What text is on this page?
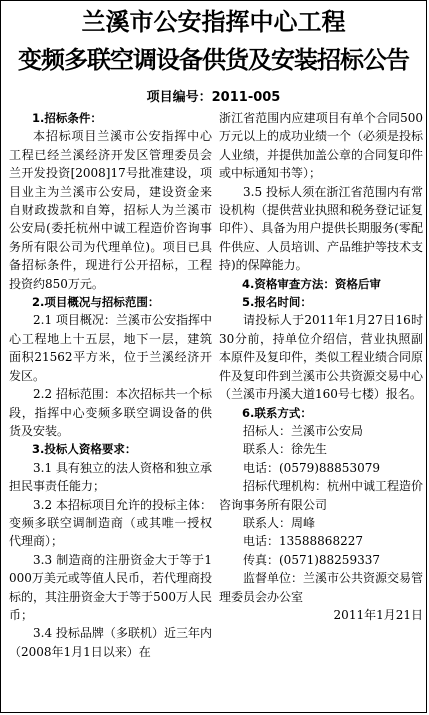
兰溪市公安指挥中心工程
变频多联空调设备供货及安装招标公告
项目编号：2011-005

1.招标条件：

本招标项目兰溪市公安指挥中心工程已经兰溪经济开发区管理委员会兰开发投资[2008]17号批准建设，项目业主为兰溪市公安局，建设资金来自财政拨款和自筹，招标人为兰溪市公安局(委托杭州中诚工程造价咨询事务所有限公司为代理单位)。项目已具备招标条件，现进行公开招标，工程投资约850万元。

2.项目概况与招标范围：

2.1 项目概况：兰溪市公安指挥中心工程地上十五层，地下一层，建筑面积21562平方米，位于兰溪经济开发区。

2.2 招标范围：本次招标共一个标段，指挥中心变频多联空调设备的供货及安装。

3.投标人资格要求：

3.1 具有独立的法人资格和独立承担民事责任能力；

3.2 本招标项目允许的投标主体：变频多联空调制造商（或其唯一授权代理商）；

3.3 制造商的注册资金大于等于1000万美元或等值人民币，若代理商投标的，其注册资金大于等于500万人民币；

3.4 投标品牌（多联机）近三年内（2008年1月1日以来）在

浙江省范围内应建项目有单个合同500万元以上的成功业绩一个（必须是投标人业绩，并提供加盖公章的合同复印件或中标通知书等）；

3.5 投标人须在浙江省范围内有常设机构（提供营业执照和税务登记证复印件）、具备为用户提供长期服务(零配件供应、人员培训、产品维护等技术支持)的保障能力。

4.资格审查方法：资格后审

5.报名时间：

请投标人于2011年1月27日16时30分前，持单位介绍信，营业执照副本原件及复印件，类似工程业绩合同原件及复印件到兰溪市公共资源交易中心（兰溪市丹溪大道160号七楼）报名。

6.联系方式：

招标人：兰溪市公安局

联系人：徐先生

电话：(0579)88853079

招标代理机构：杭州中诚工程造价咨询事务所有限公司

联系人：周峰

电话：13588868227

传真：(0571)88259337

监督单位：兰溪市公共资源交易管理委员会办公室

2011年1月21日
